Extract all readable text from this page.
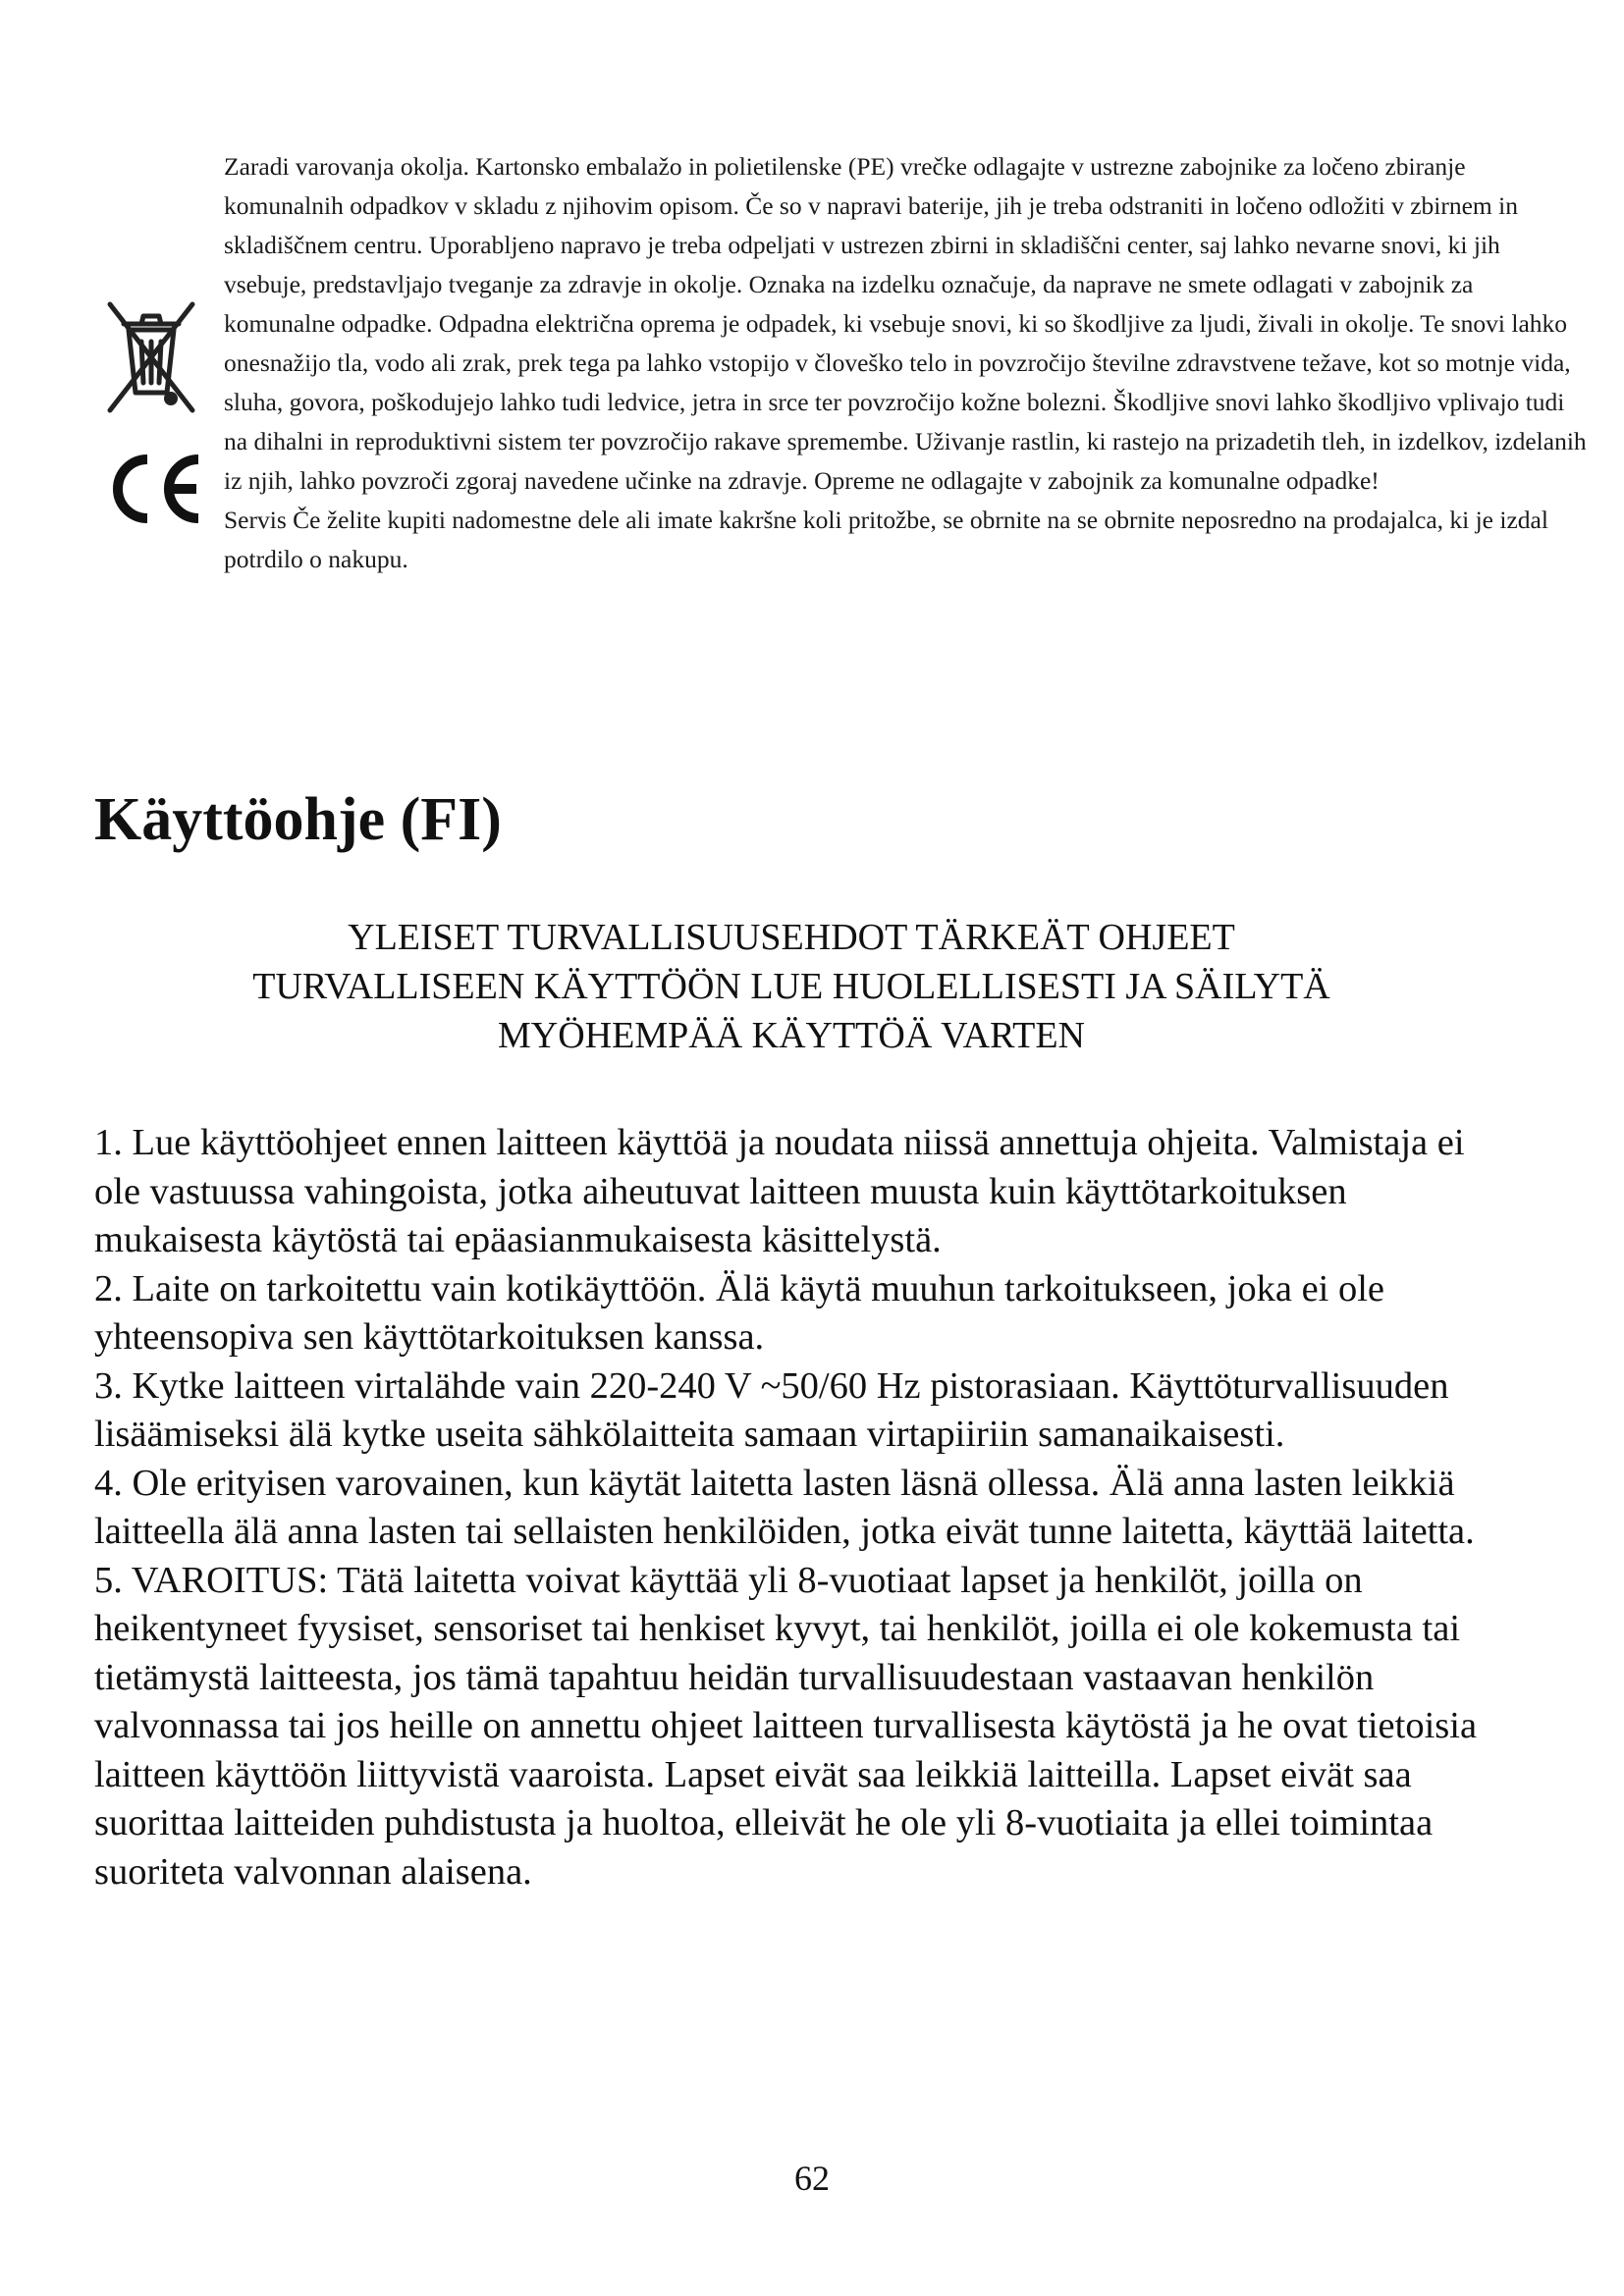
Zaradi varovanja okolja. Kartonsko embalažo in polietilenske (PE) vrečke odlagajte v ustrezne zabojnike za ločeno zbiranje komunalnih odpadkov v skladu z njihovim opisom. Če so v napravi baterije, jih je treba odstraniti in ločeno odložiti v zbirnem in skladiščnem centru. Uporabljeno napravo je treba odpeljati v ustrezen zbirni in skladiščni center, saj lahko nevarne snovi, ki jih vsebuje, predstavljajo tveganje za zdravje in okolje. Oznaka na izdelku označuje, da naprave ne smete odlagati v zabojnik za komunalne odpadke. Odpadna električna oprema je odpadek, ki vsebuje snovi, ki so škodljive za ljudi, živali in okolje. Te snovi lahko onesnažijo tla, vodo ali zrak, prek tega pa lahko vstopijo v človeško telo in povzročijo številne zdravstvene težave, kot so motnje vida, sluha, govora, poškodujejo lahko tudi ledvice, jetra in srce ter povzročijo kožne bolezni. Škodljive snovi lahko škodljivo vplivajo tudi na dihalni in reproduktivni sistem ter povzročijo rakave spremembe. Uživanje rastlin, ki rastejo na prizadetih tleh, in izdelkov, izdelanih iz njih, lahko povzroči zgoraj navedene učinke na zdravje. Opreme ne odlagajte v zabojnik za komunalne odpadke!

Servis Če želite kupiti nadomestne dele ali imate kakršne koli pritožbe, se obrnite na se obrnite neposredno na prodajalca, ki je izdal potrdilo o nakupu.

Käyttöohje (FI)
YLEISET TURVALLISUUSEHDOT TÄRKEÄT OHJEET
TURVALLISEEN KÄYTTÖÖN LUE HUOLELLISESTI JA SÄILYTÄ
MYÖHEMPÄÄ KÄYTTÖÄ VARTEN

1. Lue käyttöohjeet ennen laitteen käyttöä ja noudata niissä annettuja ohjeita. Valmistaja ei ole vastuussa vahingoista, jotka aiheutuvat laitteen muusta kuin käyttötarkoituksen mukaisesta käytöstä tai epäasianmukaisesta käsittelystä.

2. Laite on tarkoitettu vain kotikäyttöön. Älä käytä muuhun tarkoitukseen, joka ei ole yhteensopiva sen käyttötarkoituksen kanssa.

3. Kytke laitteen virtalähde vain 220-240 V ~50/60 Hz pistorasiaan. Käyttöturvallisuuden lisäämiseksi älä kytke useita sähkölaitteita samaan virtapiiriin samanaikaisesti.

4. Ole erityisen varovainen, kun käytät laitetta lasten läsnä ollessa. Älä anna lasten leikkiä laitteella älä anna lasten tai sellaisten henkilöiden, jotka eivät tunne laitetta, käyttää laitetta.

5. VAROITUS: Tätä laitetta voivat käyttää yli 8-vuotiaat lapset ja henkilöt, joilla on heikentyneet fyysiset, sensoriset tai henkiset kyvyt, tai henkilöt, joilla ei ole kokemusta tai tietämystä laitteesta, jos tämä tapahtuu heidän turvallisuudestaan vastaavan henkilön valvonnassa tai jos heille on annettu ohjeet laitteen turvallisesta käytöstä ja he ovat tietoisia laitteen käyttöön liittyvistä vaaroista. Lapset eivät saa leikkiä laitteilla. Lapset eivät saa suorittaa laitteiden puhdistusta ja huoltoa, elleivät he ole yli 8-vuotiaita ja ellei toimintaa suoriteta valvonnan alaisena.

62
